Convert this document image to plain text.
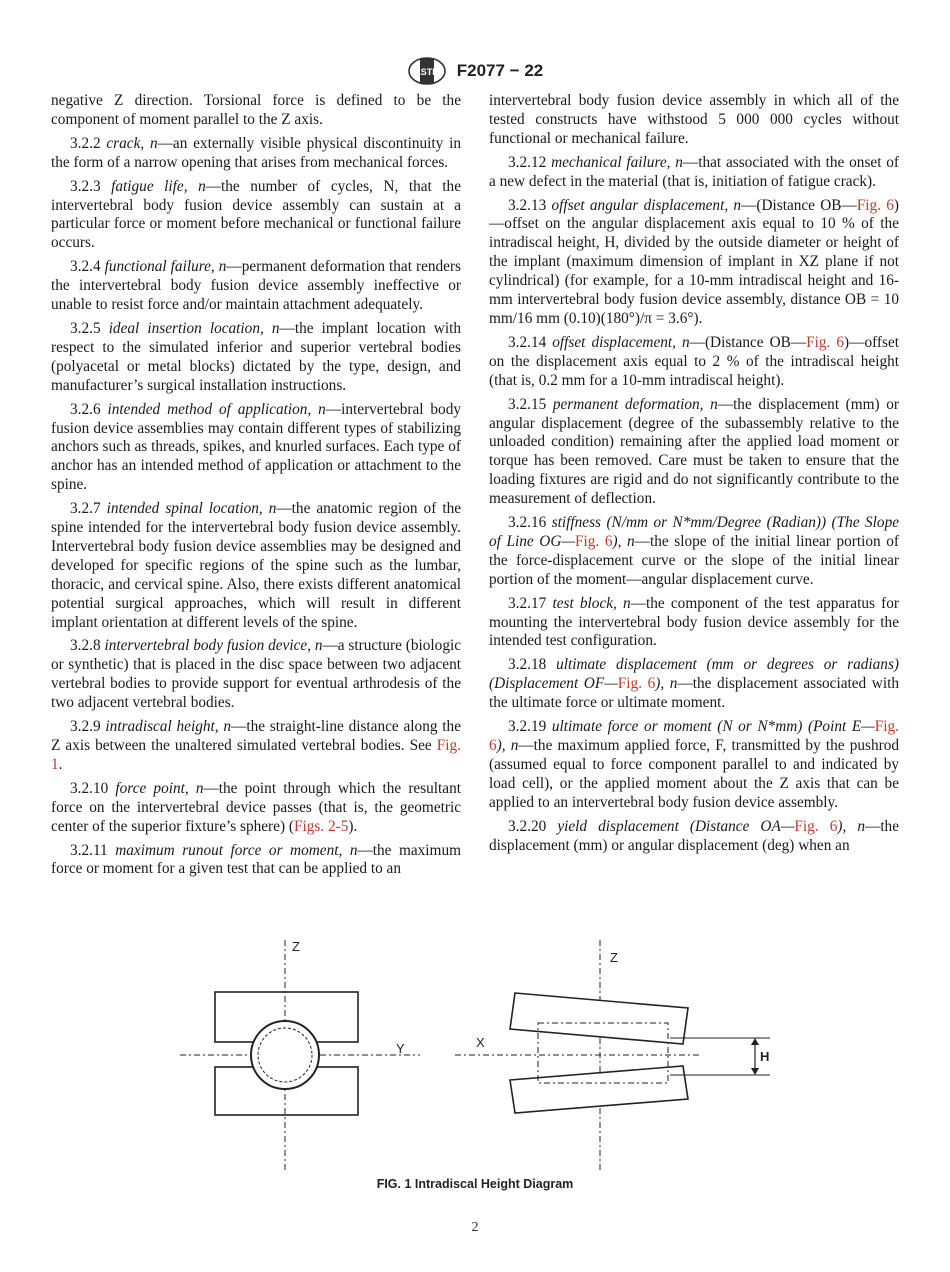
ASTM F2077 − 22

negative Z direction. Torsional force is defined to be the component of moment parallel to the Z axis.

3.2.2 crack, n—an externally visible physical discontinuity in the form of a narrow opening that arises from mechanical forces.

3.2.3 fatigue life, n—the number of cycles, N, that the intervertebral body fusion device assembly can sustain at a particular force or moment before mechanical or functional failure occurs.

3.2.4 functional failure, n—permanent deformation that renders the intervertebral body fusion device assembly ineffective or unable to resist force and/or maintain attachment adequately.

3.2.5 ideal insertion location, n—the implant location with respect to the simulated inferior and superior vertebral bodies (polyacetal or metal blocks) dictated by the type, design, and manufacturer’s surgical installation instructions.

3.2.6 intended method of application, n—intervertebral body fusion device assemblies may contain different types of stabilizing anchors such as threads, spikes, and knurled surfaces. Each type of anchor has an intended method of application or attachment to the spine.

3.2.7 intended spinal location, n—the anatomic region of the spine intended for the intervertebral body fusion device assembly. Intervertebral body fusion device assemblies may be designed and developed for specific regions of the spine such as the lumbar, thoracic, and cervical spine. Also, there exists different anatomical potential surgical approaches, which will result in different implant orientation at different levels of the spine.

3.2.8 intervertebral body fusion device, n—a structure (biologic or synthetic) that is placed in the disc space between two adjacent vertebral bodies to provide support for eventual arthrodesis of the two adjacent vertebral bodies.

3.2.9 intradiscal height, n—the straight-line distance along the Z axis between the unaltered simulated vertebral bodies. See Fig. 1.

3.2.10 force point, n—the point through which the resultant force on the intervertebral device passes (that is, the geometric center of the superior fixture’s sphere) (Figs. 2-5).

3.2.11 maximum runout force or moment, n—the maximum force or moment for a given test that can be applied to an

intervertebral body fusion device assembly in which all of the tested constructs have withstood 5 000 000 cycles without functional or mechanical failure.

3.2.12 mechanical failure, n—that associated with the onset of a new defect in the material (that is, initiation of fatigue crack).

3.2.13 offset angular displacement, n—(Distance OB—Fig. 6)—offset on the angular displacement axis equal to 10 % of the intradiscal height, H, divided by the outside diameter or height of the implant (maximum dimension of implant in XZ plane if not cylindrical) (for example, for a 10-mm intradiscal height and 16-mm intervertebral body fusion device assembly, distance OB = 10 mm/16 mm (0.10)(180°)/π = 3.6°).

3.2.14 offset displacement, n—(Distance OB—Fig. 6)—offset on the displacement axis equal to 2 % of the intradiscal height (that is, 0.2 mm for a 10-mm intradiscal height).

3.2.15 permanent deformation, n—the displacement (mm) or angular displacement (degree of the subassembly relative to the unloaded condition) remaining after the applied load moment or torque has been removed. Care must be taken to ensure that the loading fixtures are rigid and do not significantly contribute to the measurement of deflection.

3.2.16 stiffness (N/mm or N*mm/Degree (Radian)) (The Slope of Line OG—Fig. 6), n—the slope of the initial linear portion of the force-displacement curve or the slope of the initial linear portion of the moment—angular displacement curve.

3.2.17 test block, n—the component of the test apparatus for mounting the intervertebral body fusion device assembly for the intended test configuration.

3.2.18 ultimate displacement (mm or degrees or radians) (Displacement OF—Fig. 6), n—the displacement associated with the ultimate force or ultimate moment.

3.2.19 ultimate force or moment (N or N*mm) (Point E—Fig. 6), n—the maximum applied force, F, transmitted by the pushrod (assumed equal to force component parallel to and indicated by load cell), or the applied moment about the Z axis that can be applied to an intervertebral body fusion device assembly.

3.2.20 yield displacement (Distance OA—Fig. 6), n—the displacement (mm) or angular displacement (deg) when an

Z
Y
Z
X
H
FIG. 1 Intradiscal Height Diagram
2
